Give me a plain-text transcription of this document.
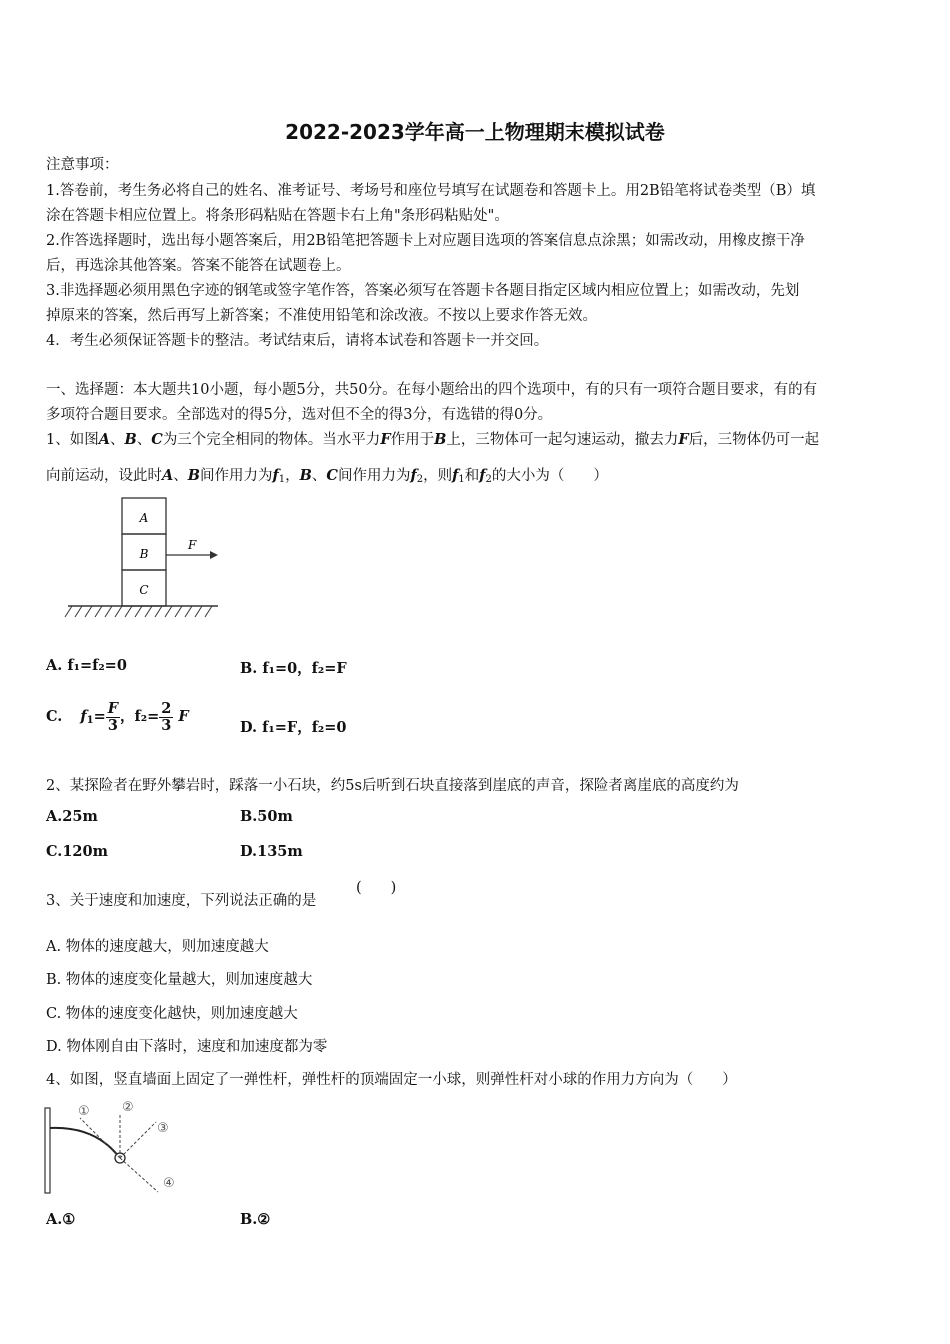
2022-2023学年高一上物理期末模拟试卷
注意事项：
1.答卷前，考生务必将自己的姓名、准考证号、考场号和座位号填写在试题卷和答题卡上。用2B铅笔将试卷类型（B）填
涂在答题卡相应位置上。将条形码粘贴在答题卡右上角"条形码粘贴处"。
2.作答选择题时，选出每小题答案后，用2B铅笔把答题卡上对应题目选项的答案信息点涂黑；如需改动，用橡皮擦干净
后，再选涂其他答案。答案不能答在试题卷上。
3.非选择题必须用黑色字迹的钢笔或签字笔作答，答案必须写在答题卡各题目指定区域内相应位置上；如需改动，先划
掉原来的答案，然后再写上新答案；不准使用铅笔和涂改液。不按以上要求作答无效。
4．考生必须保证答题卡的整洁。考试结束后，请将本试卷和答题卡一并交回。
一、选择题：本大题共10小题，每小题5分，共50分。在每小题给出的四个选项中，有的只有一项符合题目要求，有的有
多项符合题目要求。全部选对的得5分，选对但不全的得3分，有选错的得0分。
1、如图A、B、C为三个完全相同的物体。当水平力F作用于B上，三物体可一起匀速运动，撤去力F后，三物体仍可一起
向前运动，设此时A、B间作用力为$f_1$，B、C间作用力为$f_2$，则$f_1$和$f_2$的大小为（　　）
A
B
C
F
A. f₁=f₂=0	B. f₁=0，f₂=F
$C.f_1= \frac{F}{3}$ ，$f_2= \frac{2}{3}$ F
D. f₁=F，f₂=0
2、某探险者在野外攀岩时，踩落一小石块，约5s后听到石块直接落到崖底的声音，探险者离崖底的高度约为
A.25m	B.50m
C.120m	D.135m
3、关于速度和加速度，下列说法正确的是
(　　)
A. 物体的速度越大，则加速度越大
B. 物体的速度变化量越大，则加速度越大
C. 物体的速度变化越快，则加速度越大
D. 物体刚自由下落时，速度和加速度都为零
4、如图，竖直墙面上固定了一弹性杆，弹性杆的顶端固定一小球，则弹性杆对小球的作用力方向为（　　）
① ②
③
④
A.①	B.②
